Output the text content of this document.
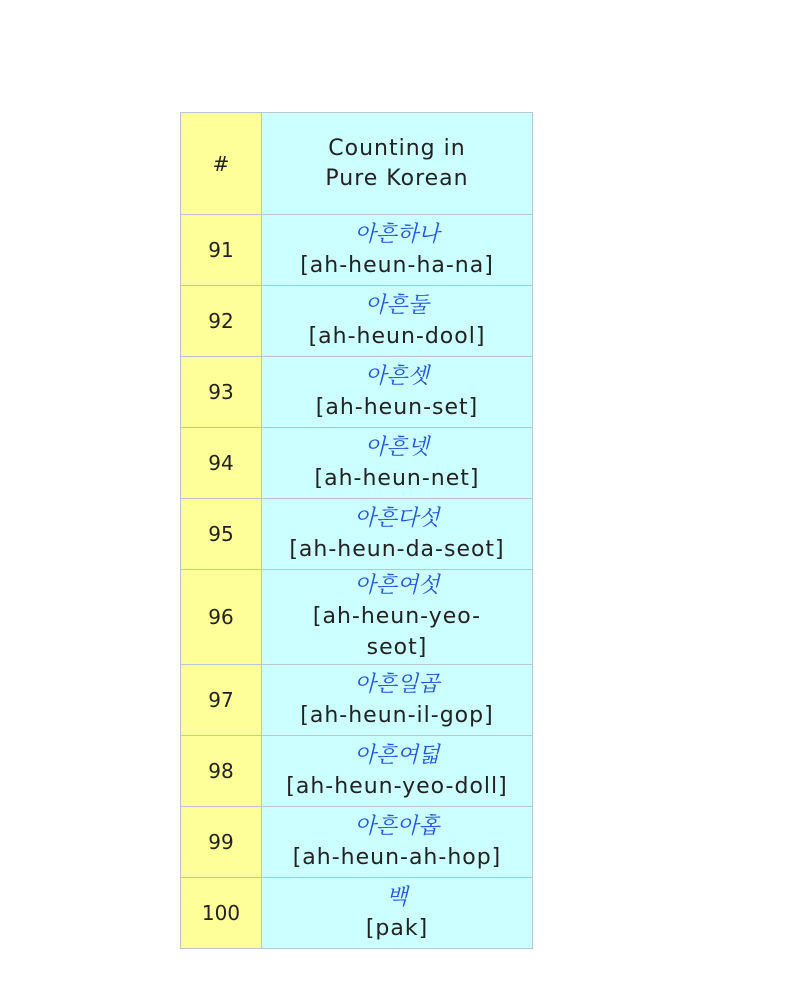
#	Counting in
Pure Korean
91	아흔하나
[ah-heun-ha-na]

92	아흔둘
[ah-heun-dool]

93	아흔셋
[ah-heun-set]

94	아흔넷
[ah-heun-net]

95	아흔다섯
[ah-heun-da-seot]

96	아흔여섯
[ah-heun-yeo-seot]

97	아흔일곱
[ah-heun-il-gop]

98	아흔여덟
[ah-heun-yeo-doll]

99	아흔아홉
[ah-heun-ah-hop]

100	백
[pak]
